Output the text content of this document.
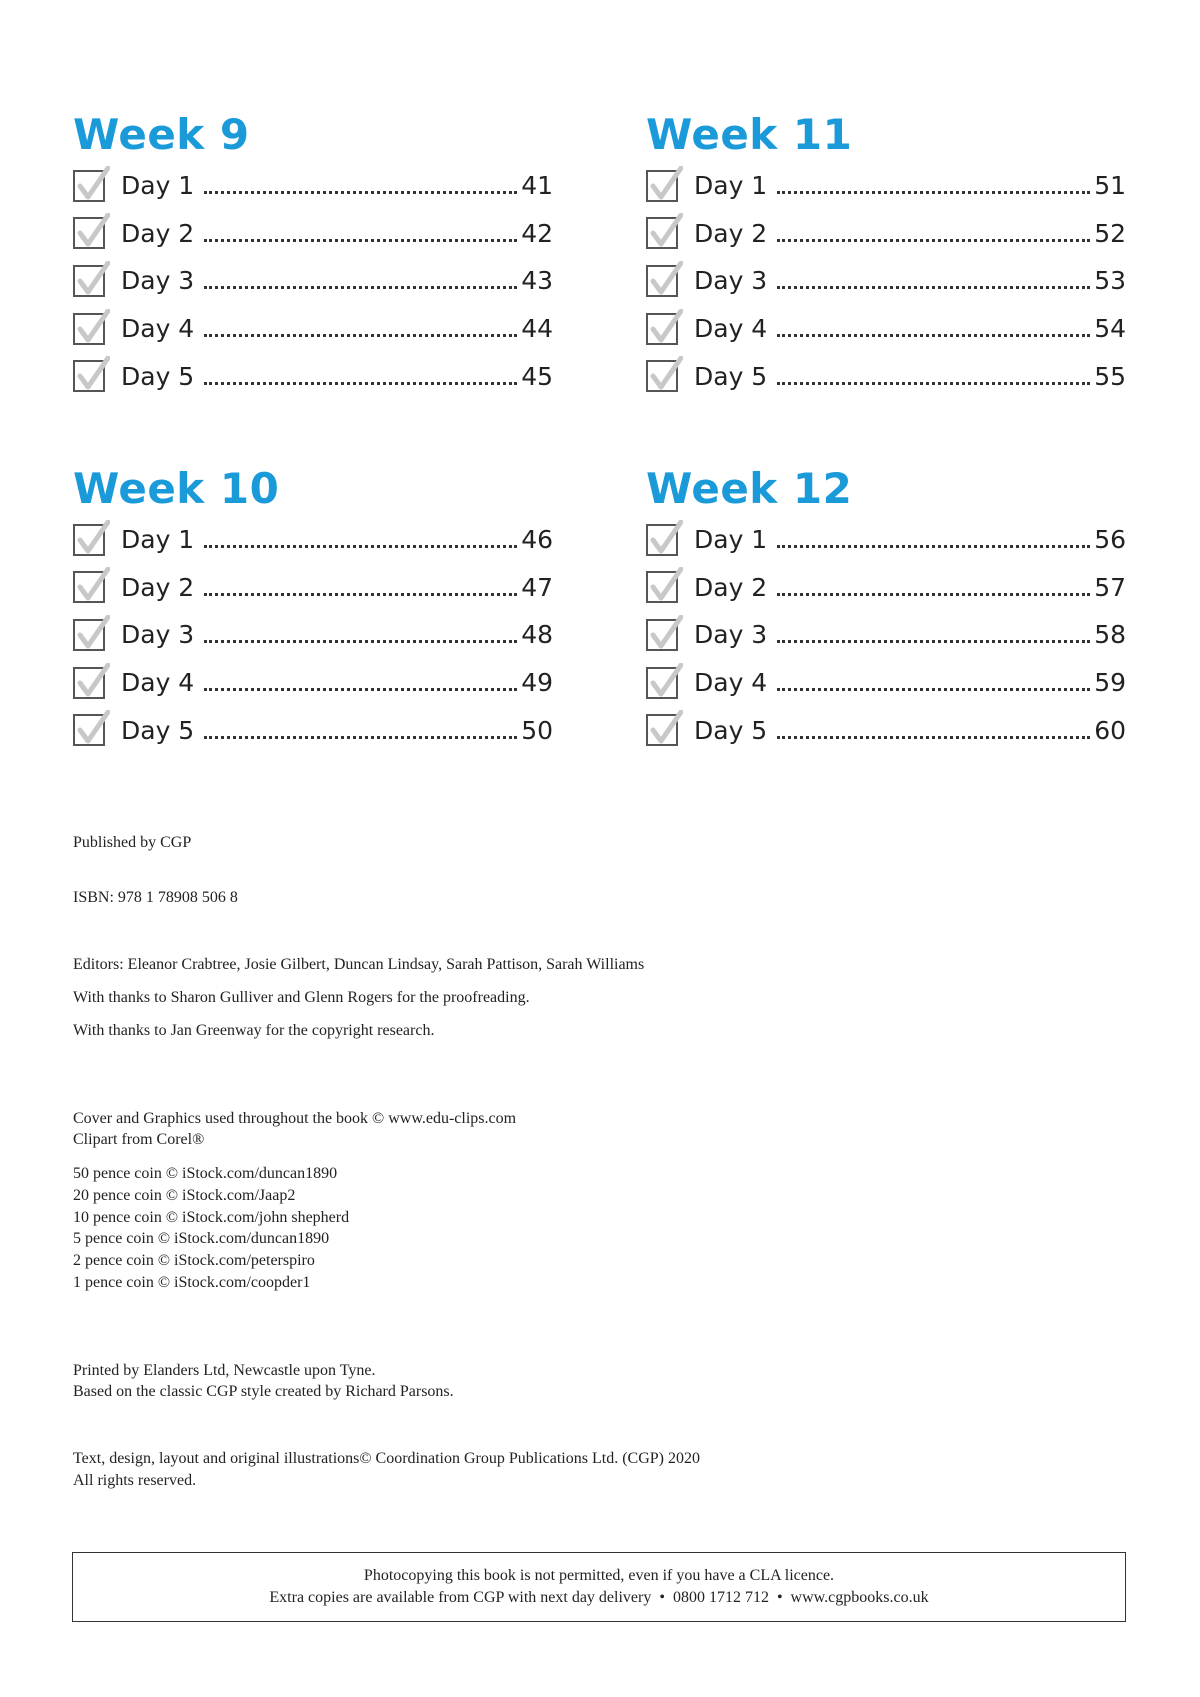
Week 9
Day 1	41
Day 2	42
Day 3	43
Day 4	44
Day 5	45
Week 11
Day 1	51
Day 2	52
Day 3	53
Day 4	54
Day 5	55
Week 10
Day 1	46
Day 2	47
Day 3	48
Day 4	49
Day 5	50
Week 12
Day 1	56
Day 2	57
Day 3	58
Day 4	59
Day 5	60

Published by CGP

ISBN: 978 1 78908 506 8

Editors: Eleanor Crabtree, Josie Gilbert, Duncan Lindsay, Sarah Pattison, Sarah Williams

With thanks to Sharon Gulliver and Glenn Rogers for the proofreading.

With thanks to Jan Greenway for the copyright research.

Cover and Graphics used throughout the book © www.edu-clips.com

Clipart from Corel®

50 pence coin © iStock.com/duncan1890

20 pence coin © iStock.com/Jaap2

10 pence coin © iStock.com/john shepherd

5 pence coin © iStock.com/duncan1890

2 pence coin © iStock.com/peterspiro

1 pence coin © iStock.com/coopder1

Printed by Elanders Ltd, Newcastle upon Tyne.

Based on the classic CGP style created by Richard Parsons.

Text, design, layout and original illustrations© Coordination Group Publications Ltd. (CGP) 2020

All rights reserved.

Photocopying this book is not permitted, even if you have a CLA licence.
Extra copies are available from CGP with next day delivery  •  0800 1712 712  •  www.cgpbooks.co.uk
